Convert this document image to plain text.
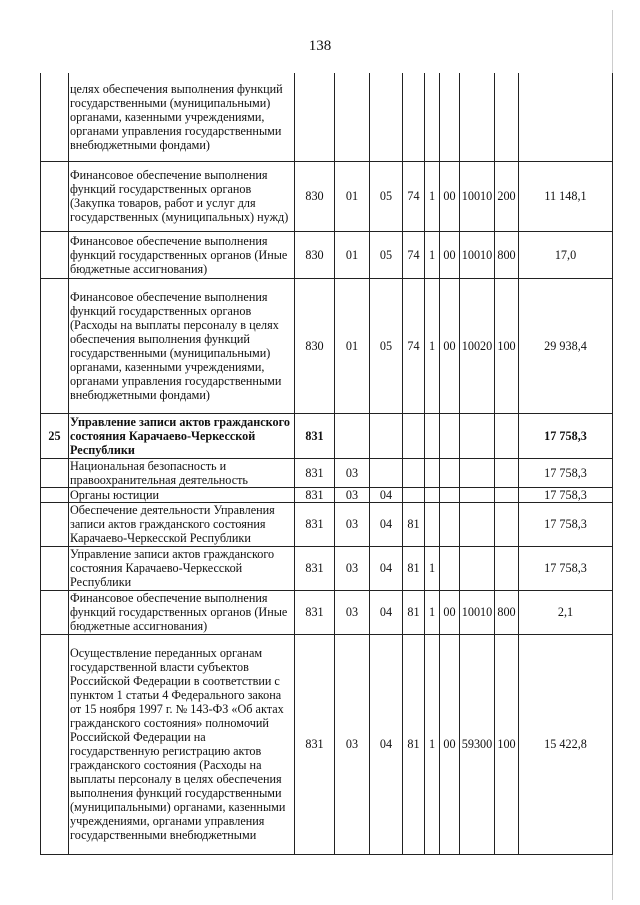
138
	целях обеспечения выполнения функций государственными (муниципальными) органами, казенными учреждениями, органами управления государственными внебюджетными фондами)									
	Финансовое обеспечение выполнения функций государственных органов (Закупка товаров, работ и услуг для государственных (муниципальных) нужд)	830	01	05	74	1	00	10010	200	11 148,1
	Финансовое обеспечение выполнения функций государственных органов (Иные бюджетные ассигнования)	830	01	05	74	1	00	10010	800	17,0
	Финансовое обеспечение выполнения функций государственных органов (Расходы на выплаты персоналу в целях обеспечения выполнения функций государственными (муниципальными) органами, казенными учреждениями, органами управления государственными внебюджетными фондами)	830	01	05	74	1	00	10020	100	29 938,4
25	Управление записи актов гражданского состояния Карачаево-Черкесской Республики	831								17 758,3
	Национальная безопасность и правоохранительная деятельность	831	03							17 758,3
	Органы юстиции	831	03	04						17 758,3
	Обеспечение деятельности Управления записи актов гражданского состояния Карачаево-Черкесской Республики	831	03	04	81					17 758,3
	Управление записи актов гражданского состояния Карачаево-Черкесской Республики	831	03	04	81	1				17 758,3
	Финансовое обеспечение выполнения функций государственных органов (Иные бюджетные ассигнования)	831	03	04	81	1	00	10010	800	2,1
	Осуществление переданных органам государственной власти субъектов Российской Федерации в соответствии с пунктом 1 статьи 4 Федерального закона от 15 ноября 1997 г. № 143-ФЗ «Об актах гражданского состояния» полномочий Российской Федерации на государственную регистрацию актов гражданского состояния (Расходы на выплаты персоналу в целях обеспечения выполнения функций государственными (муниципальными) органами, казенными учреждениями, органами управления государственными внебюджетными	831	03	04	81	1	00	59300	100	15 422,8
